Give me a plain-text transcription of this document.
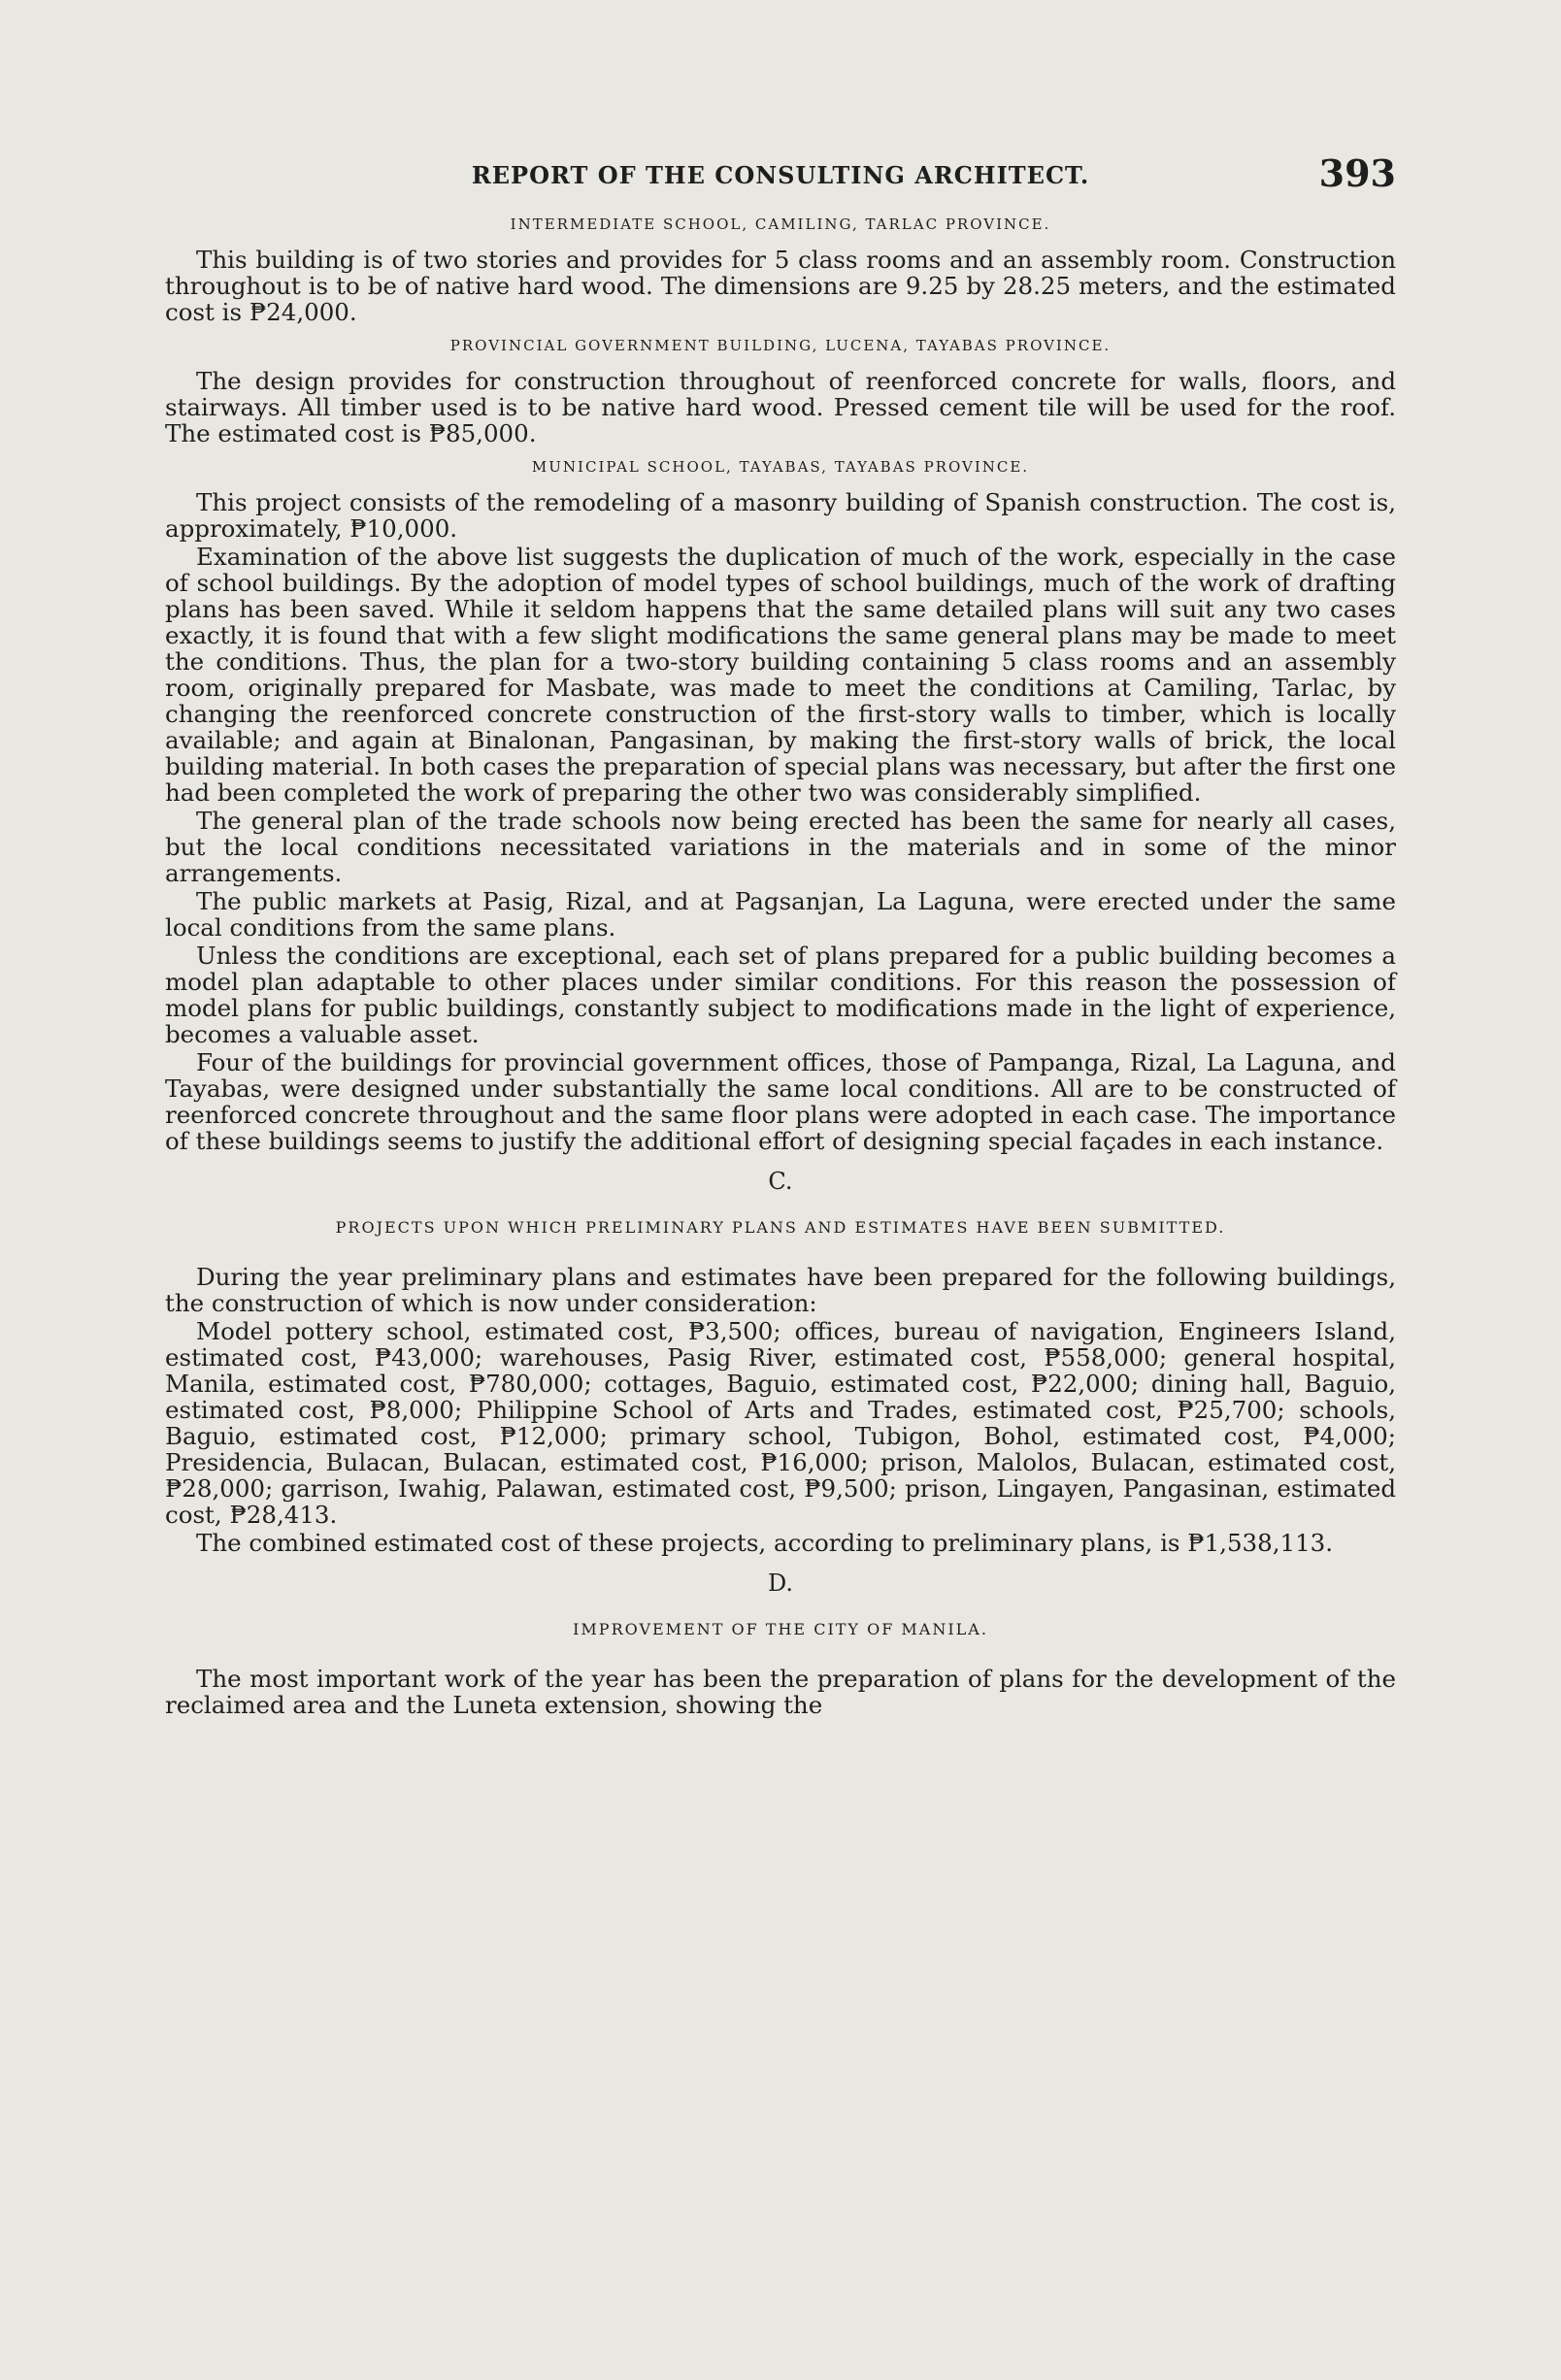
REPORT OF THE CONSULTING ARCHITECT.	393
INTERMEDIATE SCHOOL, CAMILING, TARLAC PROVINCE.

This building is of two stories and provides for 5 class rooms and an assembly room. Construction throughout is to be of native hard wood. The dimensions are 9.25 by 28.25 meters, and the estimated cost is ₱24,000.

PROVINCIAL GOVERNMENT BUILDING, LUCENA, TAYABAS PROVINCE.

The design provides for construction throughout of reenforced concrete for walls, floors, and stairways. All timber used is to be native hard wood. Pressed cement tile will be used for the roof. The estimated cost is ₱85,000.

MUNICIPAL SCHOOL, TAYABAS, TAYABAS PROVINCE.

This project consists of the remodeling of a masonry building of Spanish construction. The cost is, approximately, ₱10,000.

Examination of the above list suggests the duplication of much of the work, especially in the case of school buildings. By the adoption of model types of school buildings, much of the work of drafting plans has been saved. While it seldom happens that the same detailed plans will suit any two cases exactly, it is found that with a few slight modifications the same general plans may be made to meet the conditions. Thus, the plan for a two-story building containing 5 class rooms and an assembly room, originally prepared for Masbate, was made to meet the conditions at Camiling, Tarlac, by changing the reenforced concrete construction of the first-story walls to timber, which is locally available; and again at Binalonan, Pangasinan, by making the first-story walls of brick, the local building material. In both cases the preparation of special plans was necessary, but after the first one had been completed the work of preparing the other two was considerably simplified.

The general plan of the trade schools now being erected has been the same for nearly all cases, but the local conditions necessitated variations in the materials and in some of the minor arrangements.

The public markets at Pasig, Rizal, and at Pagsanjan, La Laguna, were erected under the same local conditions from the same plans.

Unless the conditions are exceptional, each set of plans prepared for a public building becomes a model plan adaptable to other places under similar conditions. For this reason the possession of model plans for public buildings, constantly subject to modifications made in the light of experience, becomes a valuable asset.

Four of the buildings for provincial government offices, those of Pampanga, Rizal, La Laguna, and Tayabas, were designed under substantially the same local conditions. All are to be constructed of reenforced concrete throughout and the same floor plans were adopted in each case. The importance of these buildings seems to justify the additional effort of designing special façades in each instance.

C.
PROJECTS UPON WHICH PRELIMINARY PLANS AND ESTIMATES HAVE BEEN SUBMITTED.

During the year preliminary plans and estimates have been prepared for the following buildings, the construction of which is now under consideration:

Model pottery school, estimated cost, ₱3,500; offices, bureau of navigation, Engineers Island, estimated cost, ₱43,000; warehouses, Pasig River, estimated cost, ₱558,000; general hospital, Manila, estimated cost, ₱780,000; cottages, Baguio, estimated cost, ₱22,000; dining hall, Baguio, estimated cost, ₱8,000; Philippine School of Arts and Trades, estimated cost, ₱25,700; schools, Baguio, estimated cost, ₱12,000; primary school, Tubigon, Bohol, estimated cost, ₱4,000; Presidencia, Bulacan, Bulacan, estimated cost, ₱16,000; prison, Malolos, Bulacan, estimated cost, ₱28,000; garrison, Iwahig, Palawan, estimated cost, ₱9,500; prison, Lingayen, Pangasinan, estimated cost, ₱28,413.

The combined estimated cost of these projects, according to preliminary plans, is ₱1,538,113.

D.
IMPROVEMENT OF THE CITY OF MANILA.

The most important work of the year has been the preparation of plans for the development of the reclaimed area and the Luneta extension, showing the
